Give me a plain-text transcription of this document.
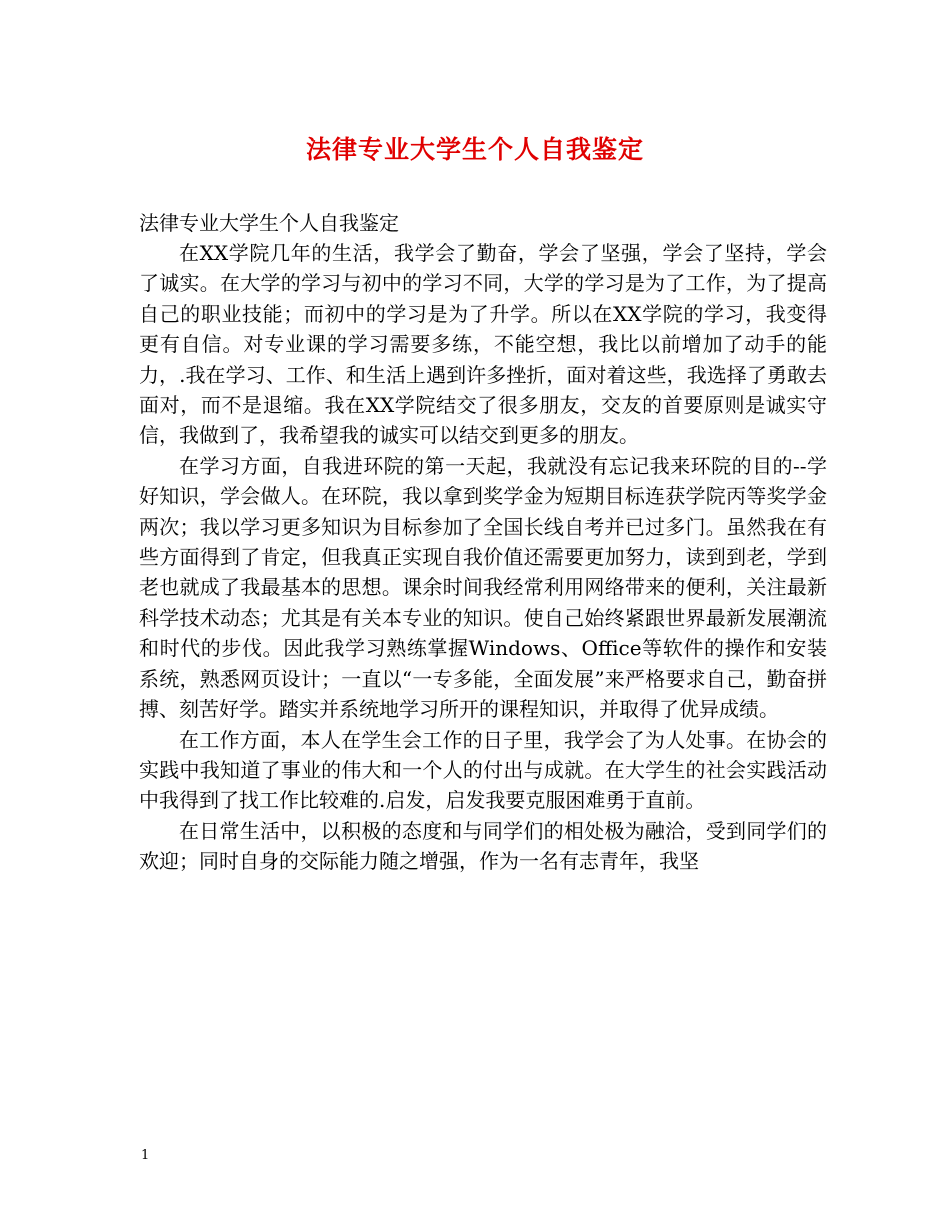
法律专业大学生个人自我鉴定
法律专业大学生个人自我鉴定

在XX学院几年的生活，我学会了勤奋，学会了坚强，学会了坚持，学会了诚实。在大学的学习与初中的学习不同，大学的学习是为了工作，为了提高自己的职业技能；而初中的学习是为了升学。所以在XX学院的学习，我变得更有自信。对专业课的学习需要多练，不能空想，我比以前增加了动手的能力，.我在学习、工作、和生活上遇到许多挫折，面对着这些，我选择了勇敢去面对，而不是退缩。我在XX学院结交了很多朋友，交友的首要原则是诚实守信，我做到了，我希望我的诚实可以结交到更多的朋友。

在学习方面，自我进环院的第一天起，我就没有忘记我来环院的目的--学好知识，学会做人。在环院，我以拿到奖学金为短期目标连获学院丙等奖学金两次；我以学习更多知识为目标参加了全国长线自考并已过多门。虽然我在有些方面得到了肯定，但我真正实现自我价值还需要更加努力，读到到老，学到老也就成了我最基本的思想。课余时间我经常利用网络带来的便利，关注最新科学技术动态；尤其是有关本专业的知识。使自己始终紧跟世界最新发展潮流和时代的步伐。因此我学习熟练掌握Windows、Office等软件的操作和安装系统，熟悉网页设计；一直以“一专多能，全面发展”来严格要求自己，勤奋拼搏、刻苦好学。踏实并系统地学习所开的课程知识，并取得了优异成绩。

在工作方面，本人在学生会工作的日子里，我学会了为人处事。在协会的实践中我知道了事业的伟大和一个人的付出与成就。在大学生的社会实践活动中我得到了找工作比较难的.启发，启发我要克服困难勇于直前。

在日常生活中，以积极的态度和与同学们的相处极为融洽，受到同学们的欢迎；同时自身的交际能力随之增强，作为一名有志青年，我坚

1
